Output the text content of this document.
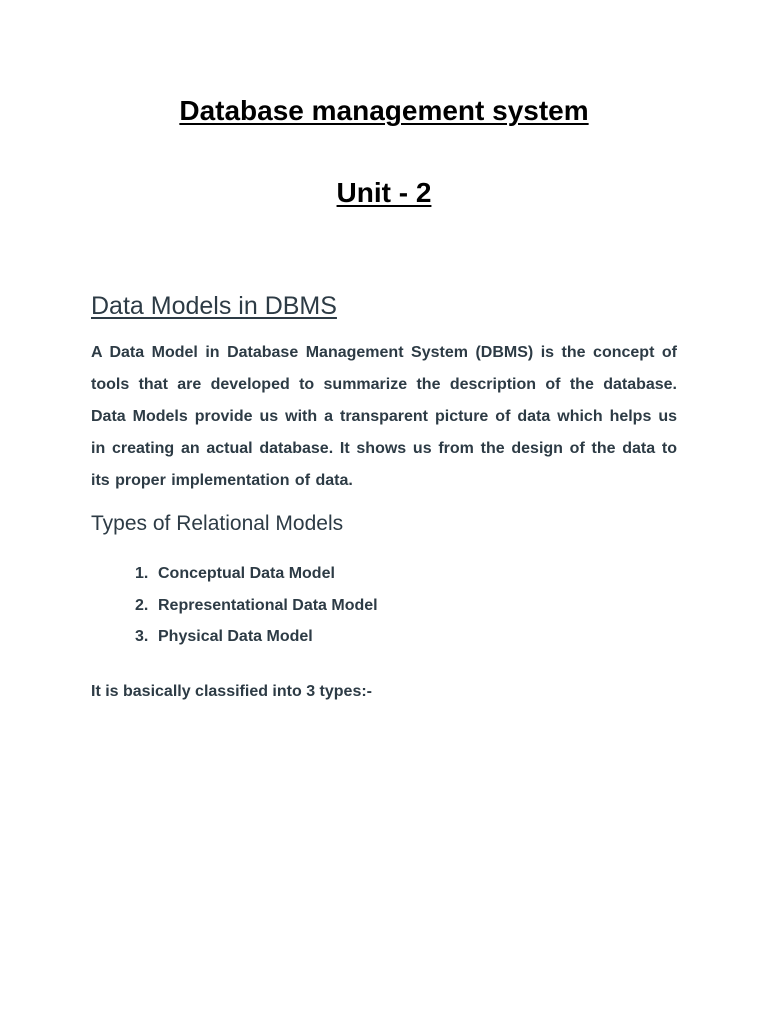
Database management system
Unit - 2
Data Models in DBMS

A Data Model in Database Management System (DBMS) is the concept of tools that are developed to summarize the description of the database. Data Models provide us with a transparent picture of data which helps us in creating an actual database. It shows us from the design of the data to its proper implementation of data.

Types of Relational Models
1. Conceptual Data Model
2. Representational Data Model
3. Physical Data Model

It is basically classified into 3 types:-
